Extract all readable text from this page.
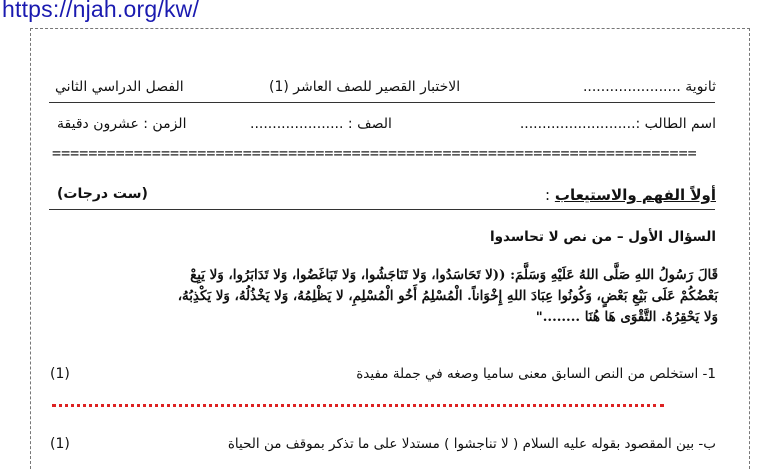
https://njah.org/kw/
ثانوية ......................
الاختبار القصير للصف العاشر (1)
الفصل الدراسي الثاني
اسم الطالب :..........................
الصف : .....................
الزمن : عشرون دقيقة
=======================================================================
أولاً الفهم والاستيعاب :
(ست درجات)
السؤال الأول – من نص لا تحاسدوا
قَالَ رَسُولُ اللهِ صَلَّى اللهُ عَلَيْهِ وَسَلَّمَ: ((لا تَحَاسَدُوا، وَلا تَنَاجَشُوا، وَلا تَبَاغَضُوا، وَلا تَدَابَرُوا، وَلا يَبِعْ
بَعْضُكُمْ عَلَى بَيْعِ بَعْضٍ، وَكُونُوا عِبَادَ اللهِ إِخْوَاناً. الْمُسْلِمُ أَخُو الْمُسْلِمِ، لا يَظْلِمُهُ، وَلا يَخْذُلُهُ، وَلا يَكْذِبُهُ،
وَلا يَحْقِرُهُ. التَّقْوَى هَا هُنَا ........"
1- استخلص من النص السابق معنى ساميا وصغه في جملة مفيدة
(1)
ب- بين المقصود بقوله عليه السلام ( لا تناجشوا ) مستدلا على ما تذكر بموقف من الحياة
(1)
